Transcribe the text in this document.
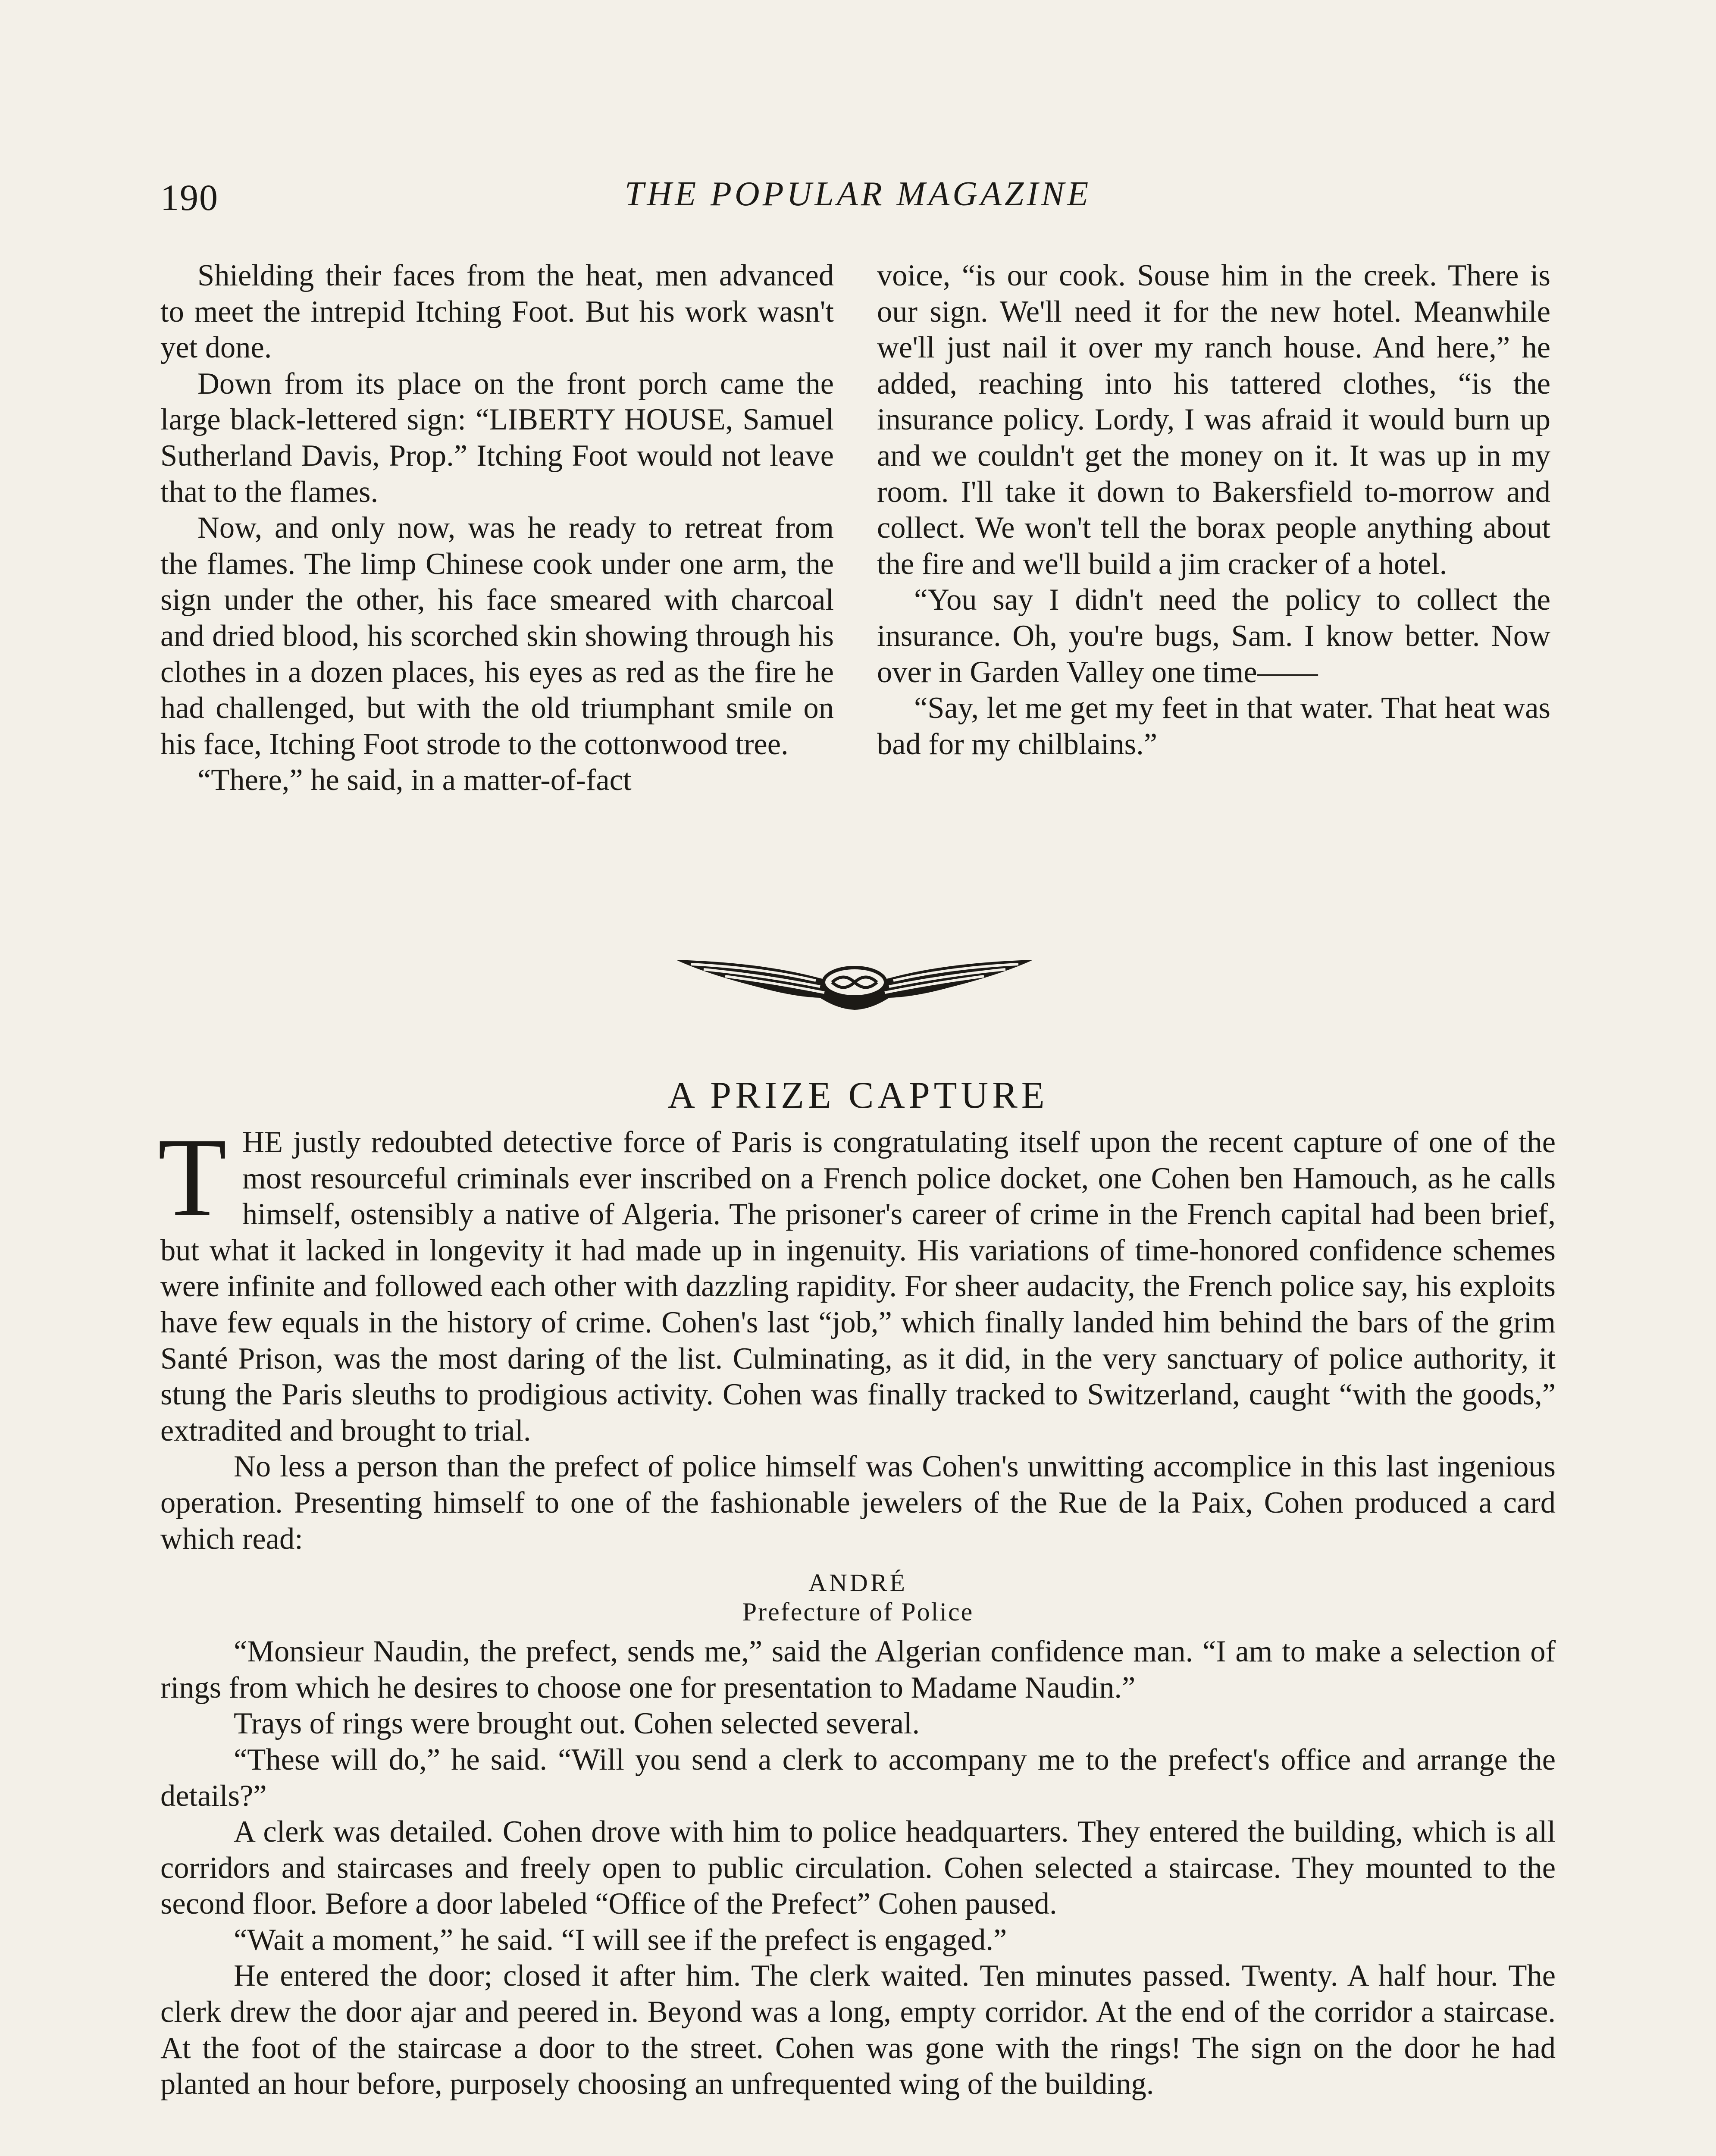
190	THE POPULAR MAGAZINE

Shielding their faces from the heat, men advanced to meet the intrepid Itching Foot. But his work wasn't yet done.

Down from its place on the front porch came the large black-lettered sign: “LIBERTY HOUSE, Samuel Sutherland Davis, Prop.” Itching Foot would not leave that to the flames.

Now, and only now, was he ready to retreat from the flames. The limp Chinese cook under one arm, the sign under the other, his face smeared with charcoal and dried blood, his scorched skin showing through his clothes in a dozen places, his eyes as red as the fire he had challenged, but with the old triumphant smile on his face, Itching Foot strode to the cottonwood tree.

“There,” he said, in a matter-of-fact

voice, “is our cook. Souse him in the creek. There is our sign. We'll need it for the new hotel. Meanwhile we'll just nail it over my ranch house. And here,” he added, reaching into his tattered clothes, “is the insurance policy. Lordy, I was afraid it would burn up and we couldn't get the money on it. It was up in my room. I'll take it down to Bakersfield to-morrow and collect. We won't tell the borax people anything about the fire and we'll build a jim cracker of a hotel.

“You say I didn't need the policy to collect the insurance. Oh, you're bugs, Sam. I know better. Now over in Garden Valley one time——

“Say, let me get my feet in that water. That heat was bad for my chilblains.”

A PRIZE CAPTURE

THE justly redoubted detective force of Paris is congratulating itself upon the recent capture of one of the most resourceful criminals ever inscribed on a French police docket, one Cohen ben Hamouch, as he calls himself, ostensibly a native of Algeria. The prisoner's career of crime in the French capital had been brief, but what it lacked in longevity it had made up in ingenuity. His variations of time-honored confidence schemes were infinite and followed each other with dazzling rapidity. For sheer audacity, the French police say, his exploits have few equals in the history of crime. Cohen's last “job,” which finally landed him behind the bars of the grim Santé Prison, was the most daring of the list. Culminating, as it did, in the very sanctuary of police authority, it stung the Paris sleuths to prodigious activity. Cohen was finally tracked to Switzerland, caught “with the goods,” extradited and brought to trial.

No less a person than the prefect of police himself was Cohen's unwitting accomplice in this last ingenious operation. Presenting himself to one of the fashionable jewelers of the Rue de la Paix, Cohen produced a card which read:

ANDRÉ
Prefecture of Police

“Monsieur Naudin, the prefect, sends me,” said the Algerian confidence man. “I am to make a selection of rings from which he desires to choose one for presentation to Madame Naudin.”

Trays of rings were brought out. Cohen selected several.

“These will do,” he said. “Will you send a clerk to accompany me to the prefect's office and arrange the details?”

A clerk was detailed. Cohen drove with him to police headquarters. They entered the building, which is all corridors and staircases and freely open to public circulation. Cohen selected a staircase. They mounted to the second floor. Before a door labeled “Office of the Prefect” Cohen paused.

“Wait a moment,” he said. “I will see if the prefect is engaged.”

He entered the door; closed it after him. The clerk waited. Ten minutes passed. Twenty. A half hour. The clerk drew the door ajar and peered in. Beyond was a long, empty corridor. At the end of the corridor a staircase. At the foot of the staircase a door to the street. Cohen was gone with the rings! The sign on the door he had planted an hour before, purposely choosing an unfrequented wing of the building.
